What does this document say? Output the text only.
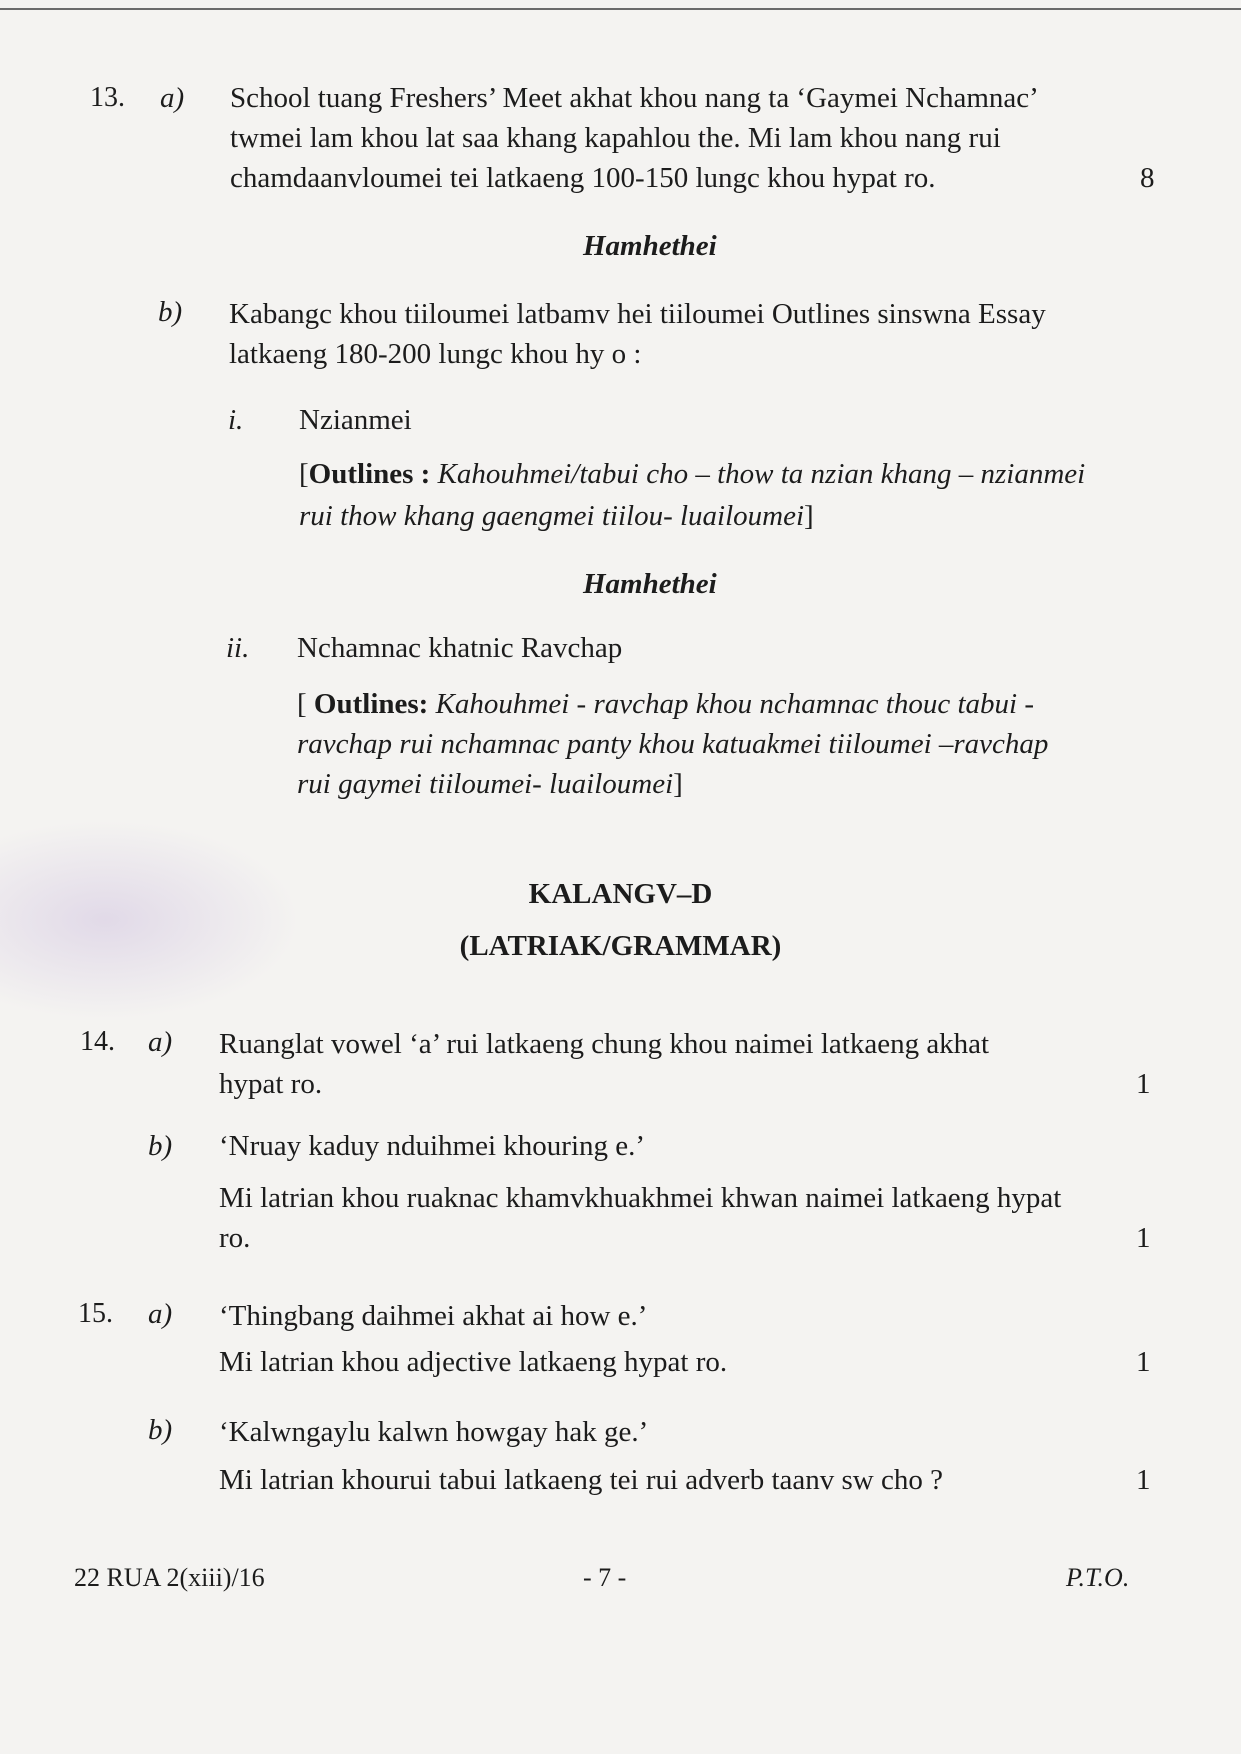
13. a) School tuang Freshers’ Meet akhat khou nang ta ‘Gaymei Nchamnac’
twmei lam khou lat saa khang kapahlou the. Mi lam khou nang rui
chamdaanvloumei tei latkaeng 100-150 lungc khou hypat ro.	8
Hamhethei
b) Kabangc khou tiiloumei latbamv hei tiiloumei Outlines sinswna Essay
latkaeng 180-200 lungc khou hy o :
i. Nzianmei
[Outlines : Kahouhmei/tabui cho – thow ta nzian khang – nzianmei
rui thow khang gaengmei tiilou- luailoumei]
Hamhethei
ii. Nchamnac khatnic Ravchap
[ Outlines: Kahouhmei - ravchap khou nchamnac thouc tabui -
ravchap rui nchamnac panty khou katuakmei tiiloumei –ravchap
rui gaymei tiiloumei- luailoumei]
KALANGV–D
(LATRIAK/GRAMMAR)
14. a) Ruanglat vowel ‘a’ rui latkaeng chung khou naimei latkaeng akhat
hypat ro.	1
b) ‘Nruay kaduy nduihmei khouring e.’
Mi latrian khou ruaknac khamvkhuakhmei khwan naimei latkaeng hypat
ro.	1
15. a) ‘Thingbang daihmei akhat ai how e.’
Mi latrian khou adjective latkaeng hypat ro.	1
b) ‘Kalwngaylu kalwn howgay hak ge.’
Mi latrian khourui tabui latkaeng tei rui adverb taanv sw cho ?	1
22 RUA 2(xiii)/16	- 7 -	P.T.O.
